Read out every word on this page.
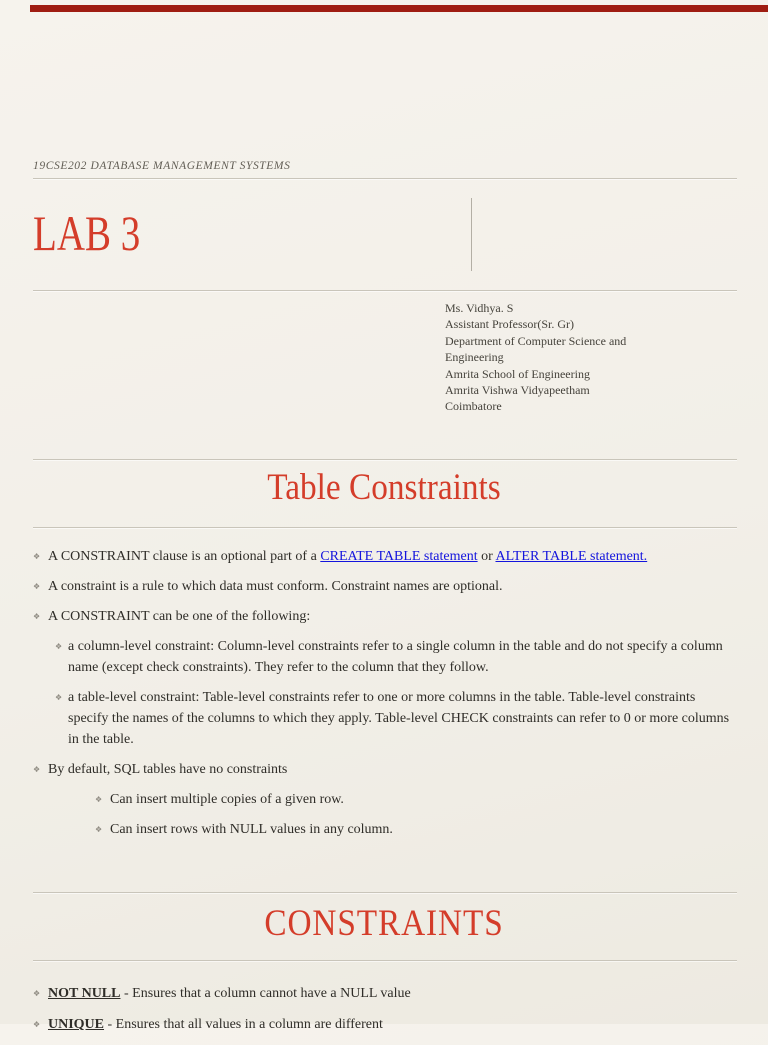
19CSE202 DATABASE MANAGEMENT SYSTEMS
LAB 3
Ms. Vidhya. S
Assistant Professor(Sr. Gr)
Department of Computer Science and
Engineering
Amrita School of Engineering
Amrita Vishwa Vidyapeetham
Coimbatore
Table Constraints
❖ A CONSTRAINT clause is an optional part of a CREATE TABLE statement or ALTER TABLE statement.
❖ A constraint is a rule to which data must conform. Constraint names are optional.
❖ A CONSTRAINT can be one of the following:
❖ a column-level constraint: Column-level constraints refer to a single column in the table and do not specify a column name (except check constraints). They refer to the column that they follow.
❖ a table-level constraint: Table-level constraints refer to one or more columns in the table. Table-level constraints specify the names of the columns to which they apply. Table-level CHECK constraints can refer to 0 or more columns in the table.
❖ By default, SQL tables have no constraints
❖ Can insert multiple copies of a given row.
❖ Can insert rows with NULL values in any column.
CONSTRAINTS
❖ NOT NULL - Ensures that a column cannot have a NULL value
❖ UNIQUE - Ensures that all values in a column are different
